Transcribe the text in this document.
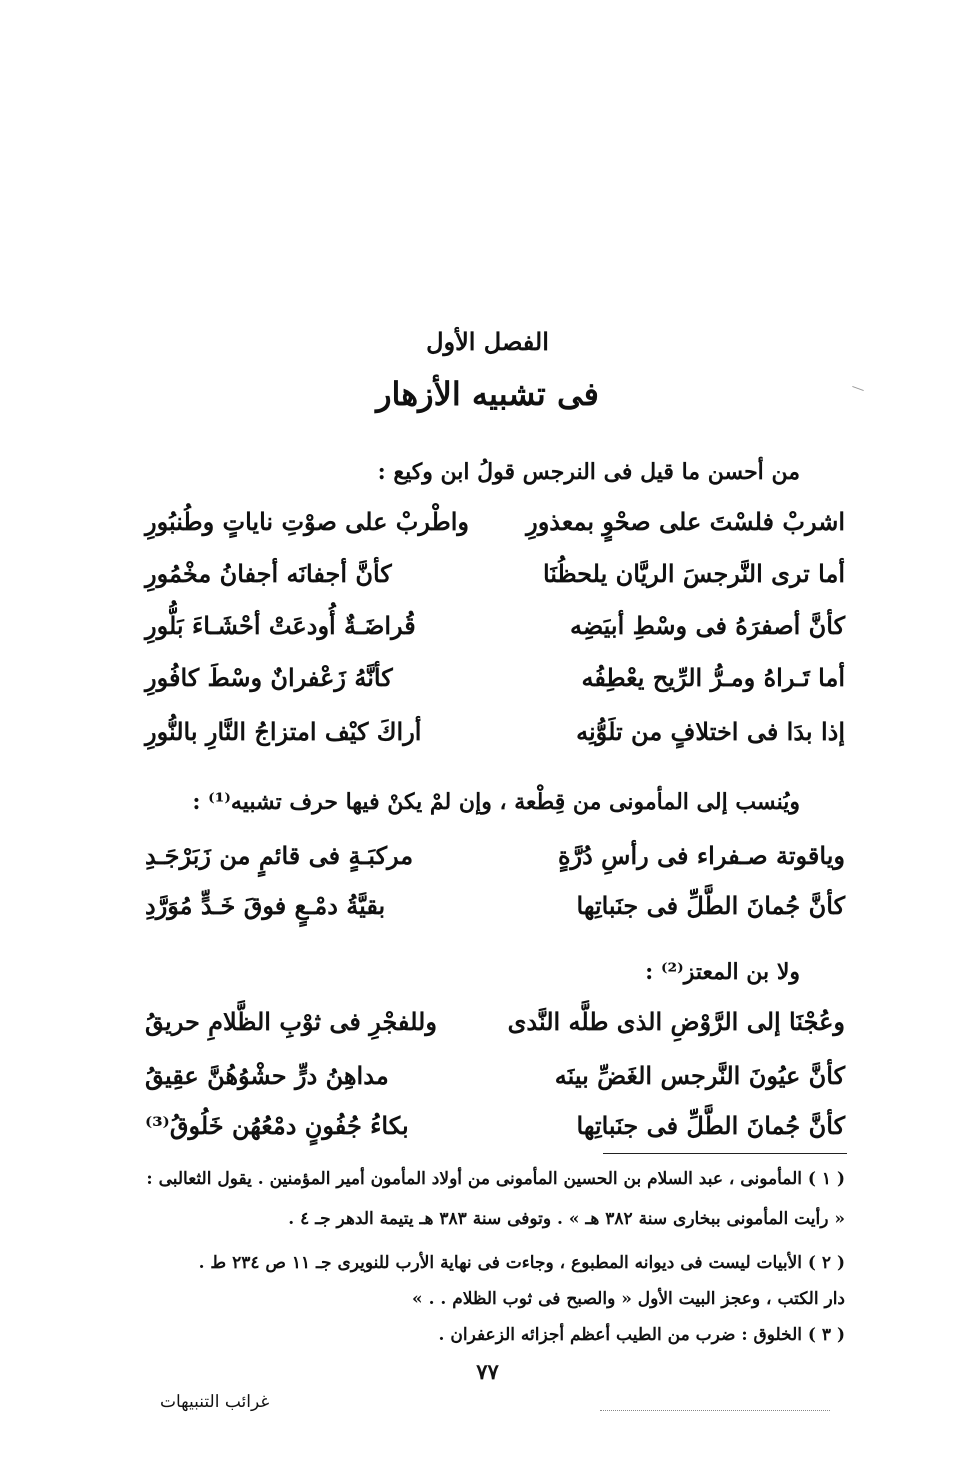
الفصل الأول
فى تشبيه الأزهار
من أحسن ما قيل فى النرجس قولُ ابن وكيع :
اشربْ فلسْتَ على صحْوٍ بمعذورِ
واطْربْ على صوْتِ ناياتٍ وطُنبُورِ
أما ترى النَّرجسَ الريَّان يلحظُنَا
كأنَّ أجفانَه أجفانُ مخْمُورِ
كأنَّ أصفرَهُ فى وسْطِ أبيَضِه
قُراضَـةٌ أُودعَتْ أحْشَـاءَ بَلُّورِ
أما تَـراهُ ومـرُّ الرِّيح يعْطِفُه
كأنَّهُ زَعْفرانٌ وسْطَ كافُورِ
إذا بدَا فى اختلافٍ من تلَوُّنِه
أراكَ كيْف امتزاجُ النَّارِ بالنُّورِ
ويُنسب إلى المأمونى من قِطْعة ، وإن لمْ يكنْ فيها حرف تشبيه⁽¹⁾ :
وياقوتة صـفراء فى رأسِ دُرَّةٍ
مركبَـةٍ فى قائمٍ من زَبَرْجَـدِ
كأنَّ جُمانَ الطَّلِّ فى جنَباتِها
بقيَّةُ دمْـعٍ فوقَ خَـدٍّ مُوَرَّدِ
ولا بن المعتز⁽²⁾ :
وعُجْنَا إلى الرَّوْضِ الذى طلَّه النَّدى
وللفجْرِ فى ثوْبِ الظَّلامِ حريقُ
كأنَّ عيُونَ النَّرجس الغَضِّ بينَه
مداهِنُ درٍّ حشْوُهُنَّ عقِيقُ
كأنَّ جُمانَ الطَّلِّ فى جنَباتِها
بكاءُ جُفُونٍ دمْعُهُن خَلُوقُ⁽³⁾
( ١ ) المأمونى ، عبد السلام بن الحسين المأمونى من أولاد المأمون أمير المؤمنين . يقول الثعالبى :
« رأيت المأمونى ببخارى سنة ٣٨٢ هـ » . وتوفى سنة ٣٨٣ هـ يتيمة الدهر جـ ٤ .
( ٢ ) الأبيات ليست فى ديوانه المطبوع ، وجاءت فى نهاية الأرب للنويرى جـ ١١ ص ٢٣٤ ط .
دار الكتب ، وعجز البيت الأول « والصبح فى ثوب الظلام . . »
( ٣ ) الخلوق : ضرب من الطيب أعظم أجزائه الزعفران .
٧٧
غرائب التنبيهات
